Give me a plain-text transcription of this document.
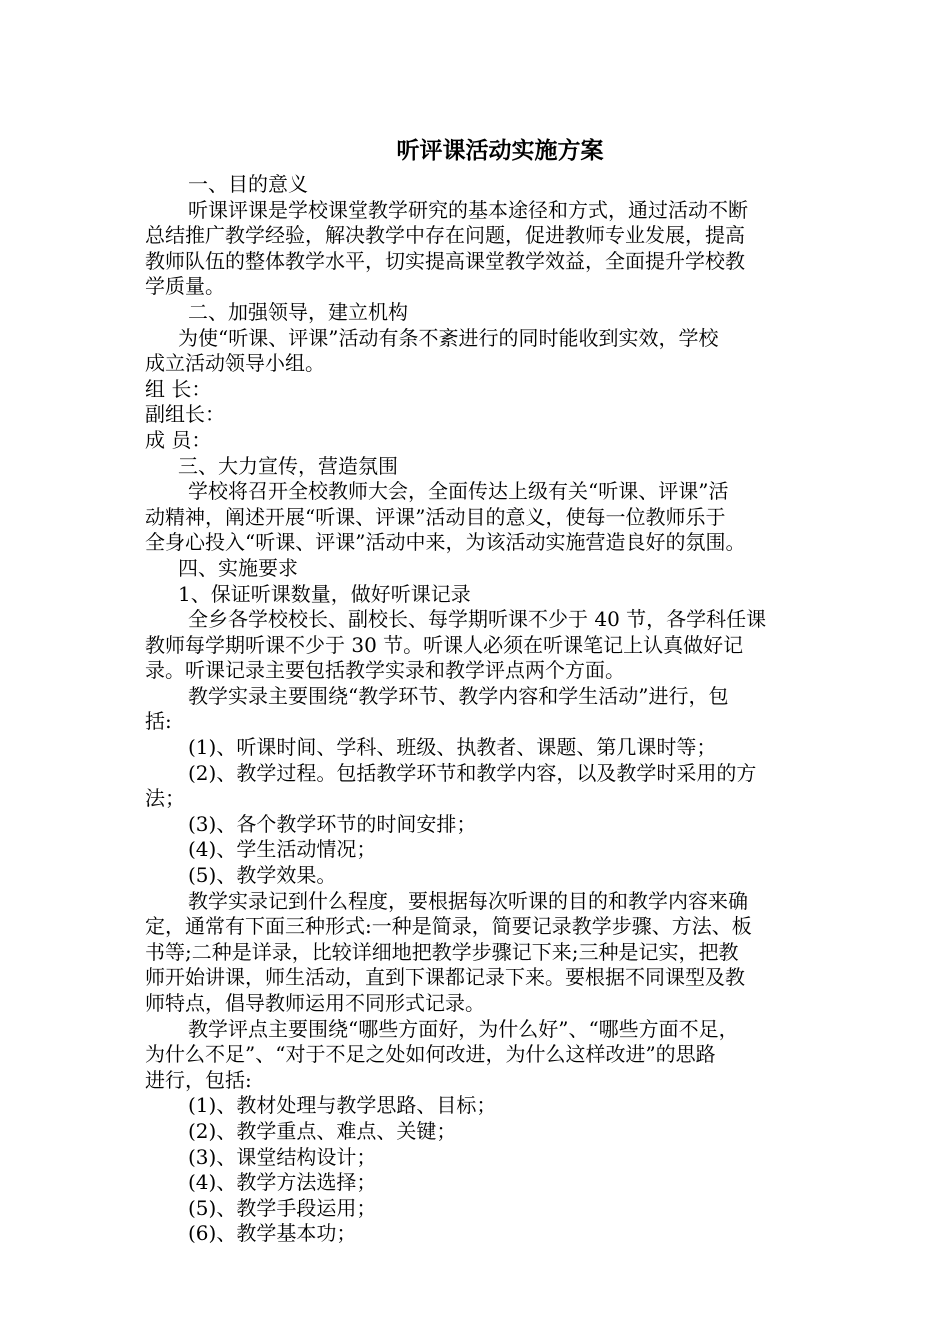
听评课活动实施方案

一、目的意义

听课评课是学校课堂教学研究的基本途径和方式，通过活动不断

总结推广教学经验，解决教学中存在问题，促进教师专业发展，提高

教师队伍的整体教学水平，切实提高课堂教学效益，全面提升学校教

学质量。

二、加强领导，建立机构

为使“听课、评课”活动有条不紊进行的同时能收到实效，学校

成立活动领导小组。

组 长：

副组长：

成 员：

三、大力宣传，营造氛围

学校将召开全校教师大会，全面传达上级有关“听课、评课”活

动精神，阐述开展“听课、评课”活动目的意义，使每一位教师乐于

全身心投入“听课、评课”活动中来，为该活动实施营造良好的氛围。

四、实施要求

1、保证听课数量，做好听课记录

全乡各学校校长、副校长、每学期听课不少于 40 节，各学科任课

教师每学期听课不少于 30 节。听课人必须在听课笔记上认真做好记

录。听课记录主要包括教学实录和教学评点两个方面。

教学实录主要围绕“教学环节、教学内容和学生活动”进行，包

括:

(1)、听课时间、学科、班级、执教者、课题、第几课时等；

(2)、教学过程。包括教学环节和教学内容，以及教学时采用的方

法；

(3)、各个教学环节的时间安排；

(4)、学生活动情况；

(5)、教学效果。

教学实录记到什么程度，要根据每次听课的目的和教学内容来确

定，通常有下面三种形式:一种是简录，简要记录教学步骤、方法、板

书等;二种是详录，比较详细地把教学步骤记下来;三种是记实，把教

师开始讲课，师生活动，直到下课都记录下来。要根据不同课型及教

师特点，倡导教师运用不同形式记录。

教学评点主要围绕“哪些方面好，为什么好”、“哪些方面不足，

为什么不足”、“对于不足之处如何改进，为什么这样改进”的思路

进行，包括:

(1)、教材处理与教学思路、目标；

(2)、教学重点、难点、关键；

(3)、课堂结构设计；

(4)、教学方法选择；

(5)、教学手段运用；

(6)、教学基本功；
